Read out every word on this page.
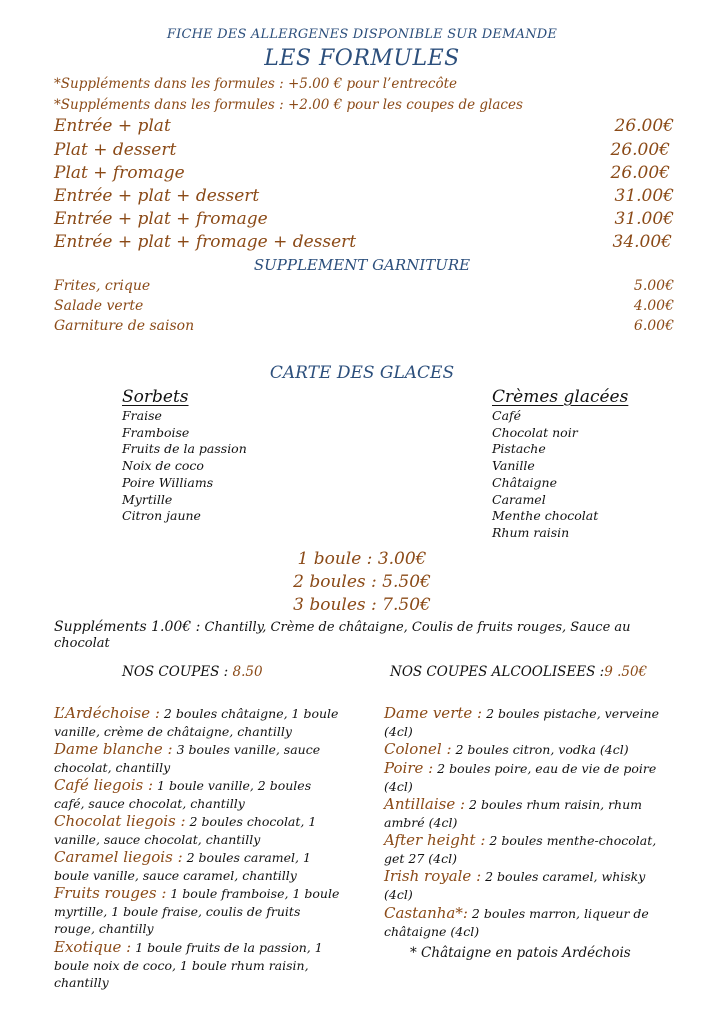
FICHE DES ALLERGENES DISPONIBLE SUR DEMANDE
LES FORMULES
*Suppléments dans les formules : +5.00 € pour l’entrecôte
*Suppléments dans les formules : +2.00 € pour les coupes de glaces
Entrée + plat	26.00€
Plat + dessert	26.00€
Plat + fromage	26.00€
Entrée + plat + dessert	31.00€
Entrée + plat + fromage	31.00€
Entrée + plat + fromage + dessert	34.00€
SUPPLEMENT GARNITURE
Frites, crique	5.00€
Salade verte	4.00€
Garniture de saison	6.00€
CARTE DES GLACES
Sorbets
Fraise
Framboise
Fruits de la passion
Noix de coco
Poire Williams
Myrtille
Citron jaune
Crèmes glacées
Café
Chocolat noir
Pistache
Vanille
Châtaigne
Caramel
Menthe chocolat
Rhum raisin
1 boule : 3.00€
2 boules : 5.50€
3 boules : 7.50€
Suppléments 1.00€ : Chantilly, Crème de châtaigne, Coulis de fruits rouges, Sauce au chocolat
NOS COUPES : 8.50	NOS COUPES ALCOOLISEES :9 .50€
L’Ardéchoise : 2 boules châtaigne, 1 boule vanille, crème de châtaigne, chantilly
Dame blanche : 3 boules vanille, sauce chocolat, chantilly
Café liegois : 1 boule vanille, 2 boules café, sauce chocolat, chantilly
Chocolat liegois : 2 boules chocolat, 1 vanille, sauce chocolat, chantilly
Caramel liegois : 2 boules caramel, 1 boule vanille, sauce caramel, chantilly
Fruits rouges : 1 boule framboise, 1 boule myrtille, 1 boule fraise, coulis de fruits rouge, chantilly
Exotique : 1 boule fruits de la passion, 1 boule noix de coco, 1 boule rhum raisin, chantilly
Dame verte : 2 boules pistache, verveine (4cl)
Colonel : 2 boules citron, vodka (4cl)
Poire : 2 boules poire, eau de vie de poire (4cl)
Antillaise : 2 boules rhum raisin, rhum ambré (4cl)
After height : 2 boules menthe-chocolat, get 27 (4cl)
Irish royale : 2 boules caramel, whisky (4cl)
Castanha*: 2 boules marron, liqueur de châtaigne (4cl)
* Châtaigne en patois Ardéchois
